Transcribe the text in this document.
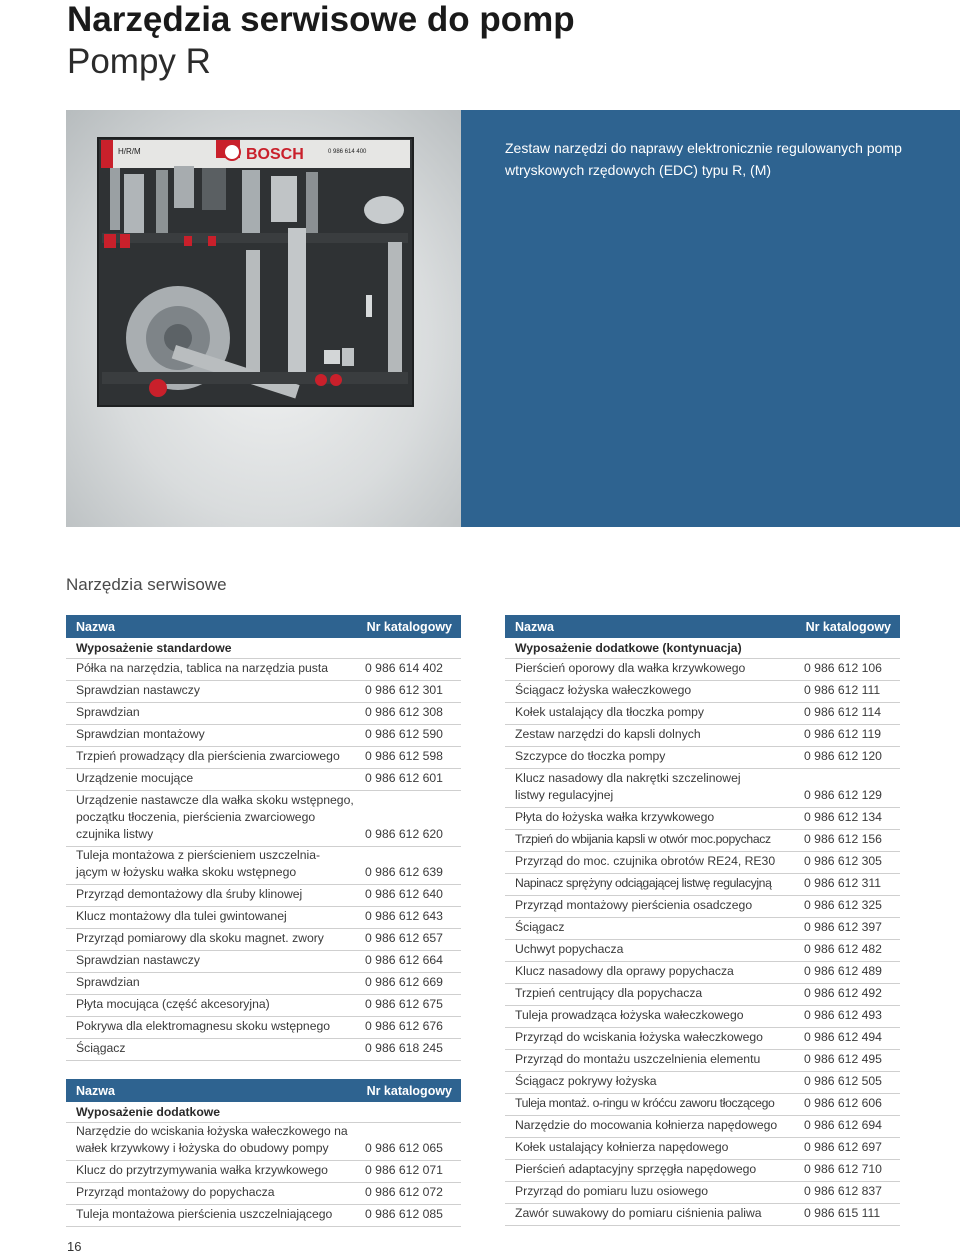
Narzędzia serwisowe do pomp
Pompy R
H/R/M	BOSCH	0 986 614 400	Zestaw narzędzi do naprawy elektronicznie regulowanych pomp wtryskowych rzędowych (EDC) typu R, (M)

Narzędzia serwisowe
Nazwa	Nr katalogowy
Wyposażenie standardowe
Półka na narzędzia, tablica na narzędzia pusta	0 986 614 402
Sprawdzian nastawczy	0 986 612 301
Sprawdzian	0 986 612 308
Sprawdzian montażowy	0 986 612 590
Trzpień prowadzący dla pierścienia zwarciowego	0 986 612 598
Urządzenie mocujące	0 986 612 601
Urządzenie nastawcze dla wałka skoku wstępnego, początku tłoczenia, pierścienia zwarciowego czujnika listwy	0 986 612 620
Tuleja montażowa z pierścieniem uszczelnia-jącym w łożysku wałka skoku wstępnego	0 986 612 639
Przyrząd demontażowy dla śruby klinowej	0 986 612 640
Klucz montażowy dla tulei gwintowanej	0 986 612 643
Przyrząd pomiarowy dla skoku magnet. zwory	0 986 612 657
Sprawdzian nastawczy	0 986 612 664
Sprawdzian	0 986 612 669
Płyta mocująca (część akcesoryjna)	0 986 612 675
Pokrywa dla elektromagnesu skoku wstępnego	0 986 612 676
Ściągacz	0 986 618 245
Nazwa	Nr katalogowy
Wyposażenie dodatkowe
Narzędzie do wciskania łożyska wałeczkowego na wałek krzywkowy i łożyska do obudowy pompy	0 986 612 065
Klucz do przytrzymywania wałka krzywkowego	0 986 612 071
Przyrząd montażowy do popychacza	0 986 612 072
Tuleja montażowa pierścienia uszczelniającego	0 986 612 085
Nazwa	Nr katalogowy
Wyposażenie dodatkowe (kontynuacja)
Pierścień oporowy dla wałka krzywkowego	0 986 612 106
Ściągacz łożyska wałeczkowego	0 986 612 111
Kołek ustalający dla tłoczka pompy	0 986 612 114
Zestaw narzędzi do kapsli dolnych	0 986 612 119
Szczypce do tłoczka pompy	0 986 612 120
Klucz nasadowy dla nakrętki szczelinowej listwy regulacyjnej	0 986 612 129
Płyta do łożyska wałka krzywkowego	0 986 612 134
Trzpień do wbijania kapsli w otwór moc.popychacz	0 986 612 156
Przyrząd do moc. czujnika obrotów RE24, RE30	0 986 612 305
Napinacz sprężyny odciągającej listwę regulacyjną	0 986 612 311
Przyrząd montażowy pierścienia osadczego	0 986 612 325
Ściągacz	0 986 612 397
Uchwyt popychacza	0 986 612 482
Klucz nasadowy dla oprawy popychacza	0 986 612 489
Trzpień centrujący dla popychacza	0 986 612 492
Tuleja prowadząca łożyska wałeczkowego	0 986 612 493
Przyrząd do wciskania łożyska wałeczkowego	0 986 612 494
Przyrząd do montażu uszczelnienia elementu	0 986 612 495
Ściągacz pokrywy łożyska	0 986 612 505
Tuleja montaż. o-ringu w króćcu zaworu tłoczącego	0 986 612 606
Narzędzie do mocowania kołnierza napędowego	0 986 612 694
Kołek ustalający kołnierza napędowego	0 986 612 697
Pierścień adaptacyjny sprzęgła napędowego	0 986 612 710
Przyrząd do pomiaru luzu osiowego	0 986 612 837
Zawór suwakowy do pomiaru ciśnienia paliwa	0 986 615 111

16
